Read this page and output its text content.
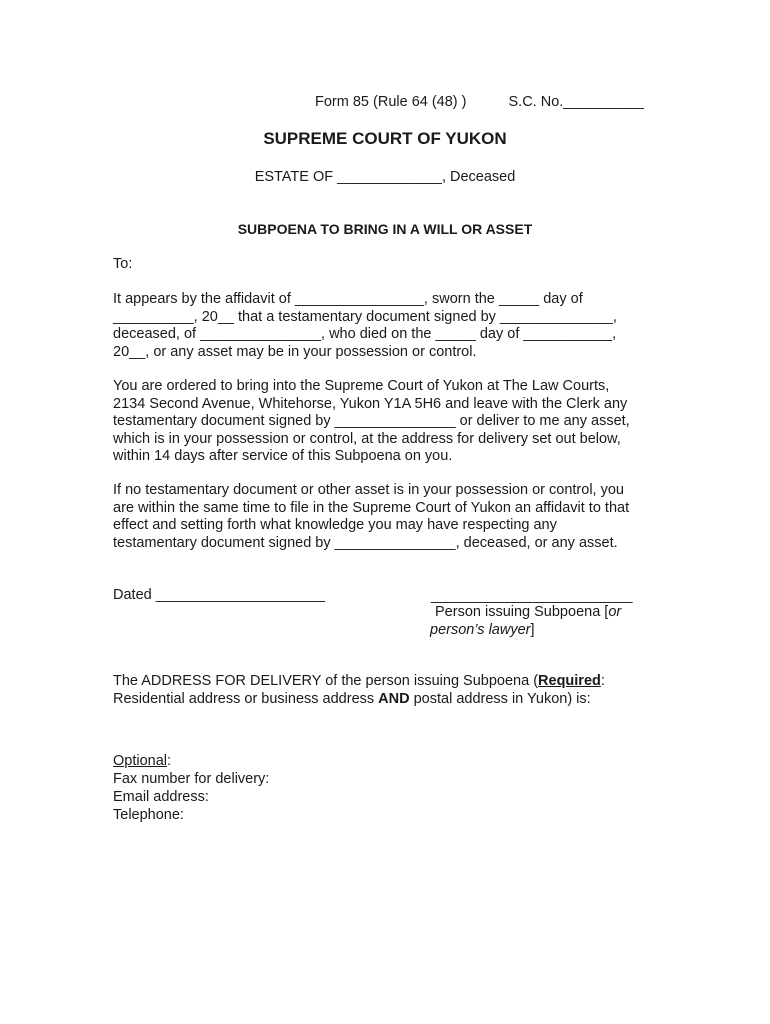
Form 85 (Rule 64 (48) )	S.C. No.__________
SUPREME COURT OF YUKON
ESTATE OF _____________, Deceased
SUBPOENA TO BRING IN A WILL OR ASSET
To:
It appears by the affidavit of ________________, sworn the _____ day of
__________, 20__ that a testamentary document signed by ______________,
deceased, of _______________, who died on the _____ day of ___________,
20__, or any asset may be in your possession or control.
You are ordered to bring into the Supreme Court of Yukon at The Law Courts,
2134 Second Avenue, Whitehorse, Yukon Y1A 5H6 and leave with the Clerk any
testamentary document signed by _______________ or deliver to me any asset,
which is in your possession or control, at the address for delivery set out below,
within 14 days after service of this Subpoena on you.
If no testamentary document or other asset is in your possession or control, you
are within the same time to file in the Supreme Court of Yukon an affidavit to that
effect and setting forth what knowledge you may have respecting any
testamentary document signed by _______________, deceased, or any asset.
Dated _____________________	_________________________
Person issuing Subpoena [or
person’s lawyer]
The ADDRESS FOR DELIVERY of the person issuing Subpoena (Required:
Residential address or business address AND postal address in Yukon) is:
Optional:
Fax number for delivery:
Email address:
Telephone:
